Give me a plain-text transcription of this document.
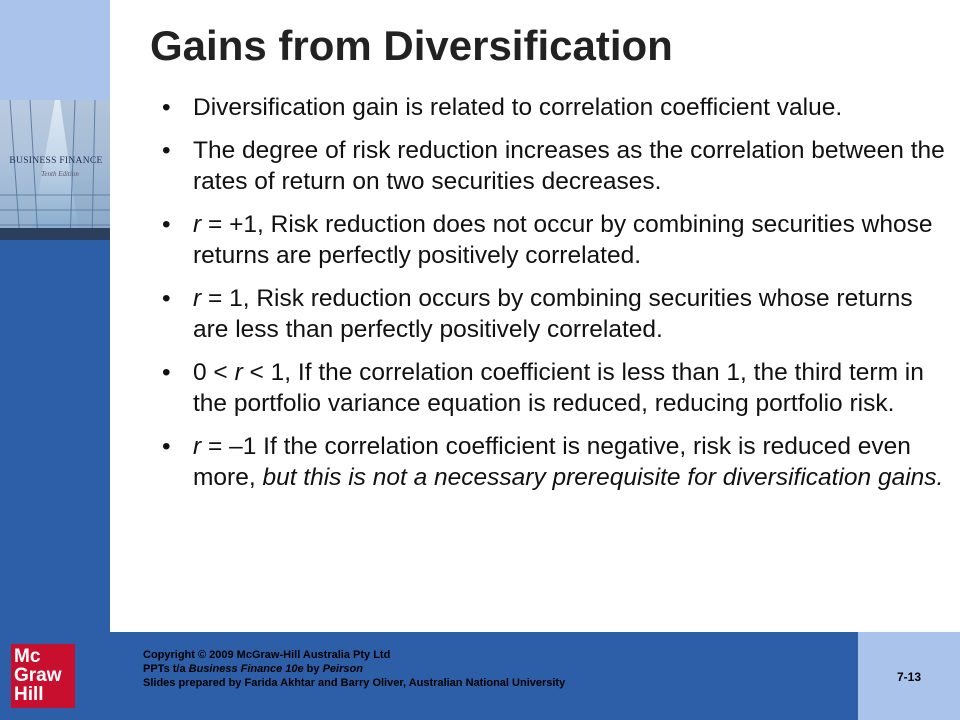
BUSINESS FINANCE
Tenth Edition
Gains from Diversification
• Diversification gain is related to correlation coefficient value.
• The degree of risk reduction increases as the correlation between the rates of return on two securities decreases.
• r = +1, Risk reduction does not occur by combining securities whose returns are perfectly positively correlated.
• r = 1, Risk reduction occurs by combining securities whose returns are less than perfectly positively correlated.
• 0 < r < 1, If the correlation coefficient is less than 1, the third term in the portfolio variance equation is reduced, reducing portfolio risk.
• r = –1 If the correlation coefficient is negative, risk is reduced even more, but this is not a necessary prerequisite for diversification gains.
Mc
Graw
Hill
Copyright © 2009 McGraw-Hill Australia Pty Ltd
PPTs t/a Business Finance 10e by Peirson
Slides prepared by Farida Akhtar and Barry Oliver, Australian National University	7-13
